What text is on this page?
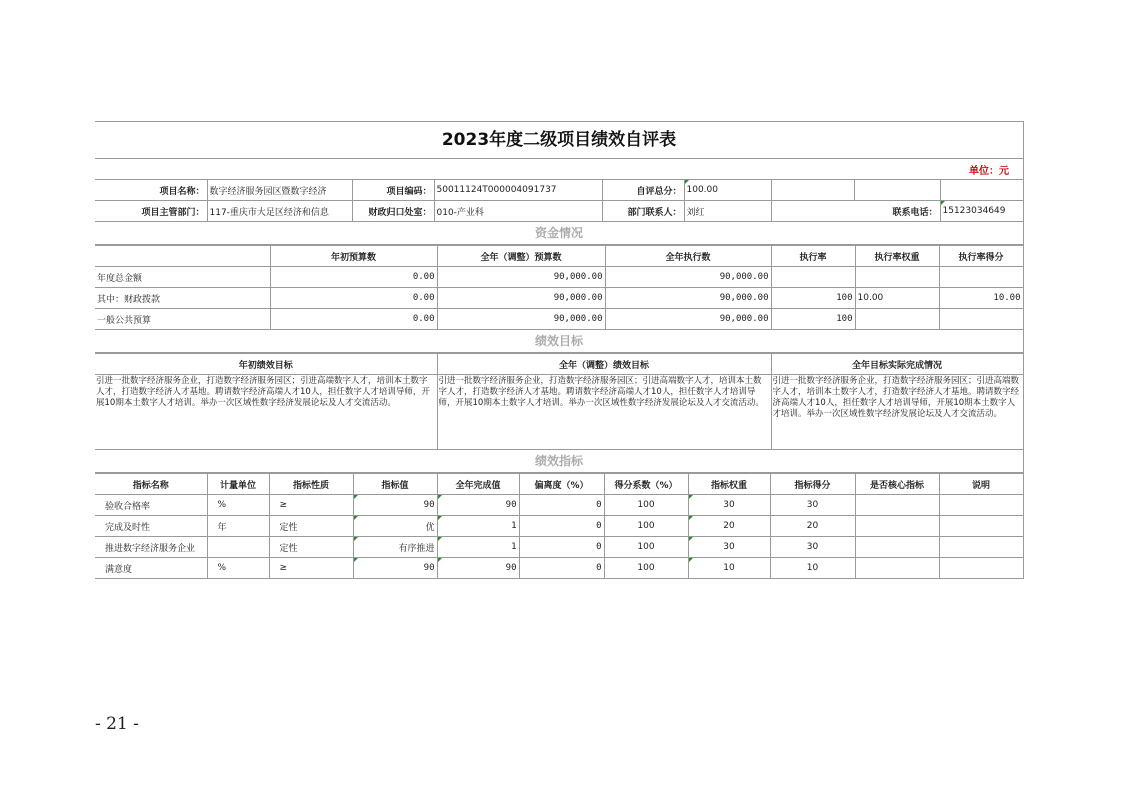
2023年度二级项目绩效自评表
单位：元
项目名称：	数字经济服务园区暨数字经济	项目编码：	50011124T000004091737	自评总分：	100.00			
项目主管部门：	117-重庆市大足区经济和信息	财政归口处室：	010-产业科	部门联系人：	刘红		联系电话：	15123034649
资金情况
	年初预算数	全年（调整）预算数	全年执行数	执行率	执行率权重	执行率得分
年度总金额	0.00	90,000.00	90,000.00			
其中：财政拨款	0.00	90,000.00	90,000.00	100	10.00	10.00
一般公共预算	0.00	90,000.00	90,000.00	100		
绩效目标
年初绩效目标	全年（调整）绩效目标	全年目标实际完成情况
引进一批数字经济服务企业，打造数字经济服务园区；引进高端数字人才，培训本土数字人才，打造数字经济人才基地。聘请数字经济高端人才10人，担任数字人才培训导师，开展10期本土数字人才培训。举办一次区域性数字经济发展论坛及人才交流活动。	引进一批数字经济服务企业，打造数字经济服务园区；引进高端数字人才，培训本土数字人才，打造数字经济人才基地。聘请数字经济高端人才10人，担任数字人才培训导师，开展10期本土数字人才培训。举办一次区域性数字经济发展论坛及人才交流活动。	引进一批数字经济服务企业，打造数字经济服务园区；引进高端数字人才，培训本土数字人才，打造数字经济人才基地。聘请数字经济高端人才10人，担任数字人才培训导师，开展10期本土数字人才培训。举办一次区域性数字经济发展论坛及人才交流活动。
绩效指标
指标名称	计量单位	指标性质	指标值	全年完成值	偏离度（%）	得分系数（%）	指标权重	指标得分	是否核心指标	说明
验收合格率	%	≥	90	90	0	100	30	30		
完成及时性	年	定性	优	1	0	100	20	20		
推进数字经济服务企业		定性	有序推进	1	0	100	30	30		
满意度	%	≥	90	90	0	100	10	10		
- 21 -
